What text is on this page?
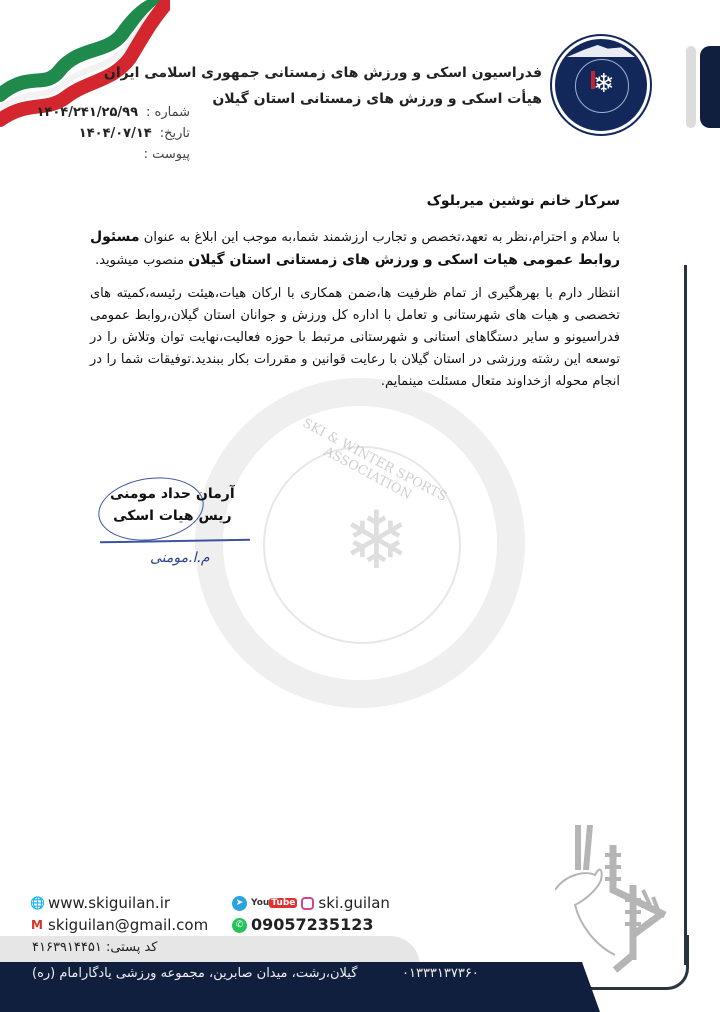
❄
فدراسیون اسکی و ورزش های زمستانی جمهوری اسلامی ایران
هیأت اسکی و ورزش های زمستانی استان گیلان
شماره :
۱۴۰۴/۲۴۱/۲۵/۹۹
تاریخ:
۱۴۰۴/۰۷/۱۴
پیوست :
SKI & WINTER SPORTS ASSOCIATION
❄
سرکار خانم نوشین میربلوک
با سلام و احترام،نظر به تعهد،تخصص و تجارب ارزشمند شما،به موجب این ابلاغ به عنوان مسئول روابط عمومی هیات اسکی و ورزش های زمستانی استان گیلان منصوب میشوید.
انتظار دارم با بهرهگیری از تمام ظرفیت ها،ضمن همکاری با ارکان هیات،هیئت رئیسه،کمیته های تخصصی و هیات های شهرستانی و تعامل با اداره کل ورزش و جوانان استان گیلان،روابط عمومی فدراسیونو و سایر دستگاهای استانی و شهرستانی مرتبط با حوزه فعالیت،نهایت توان وتلاش را در توسعه این رشته ورزشی در استان گیلان با رعایت قوانین و مقررات بکار ببندید.توفیقات شما را در انجام محوله ازخداوند متعال مسئلت مینمایم.
آرمان حداد مومنی
ریس هیات اسکی
م.ا.مومنی
🌐 www.skiguilan.ir
M skiguilan@gmail.com
➤ You Tube ski.guilan
✆ 09057235123
کد پستی: ۴۱۶۳۹۱۴۴۵۱
گیلان،رشت، میدان صابرین، مجموعه ورزشی یادگارامام (ره)	۰۱۳۳۳۱۳۷۳۶۰
